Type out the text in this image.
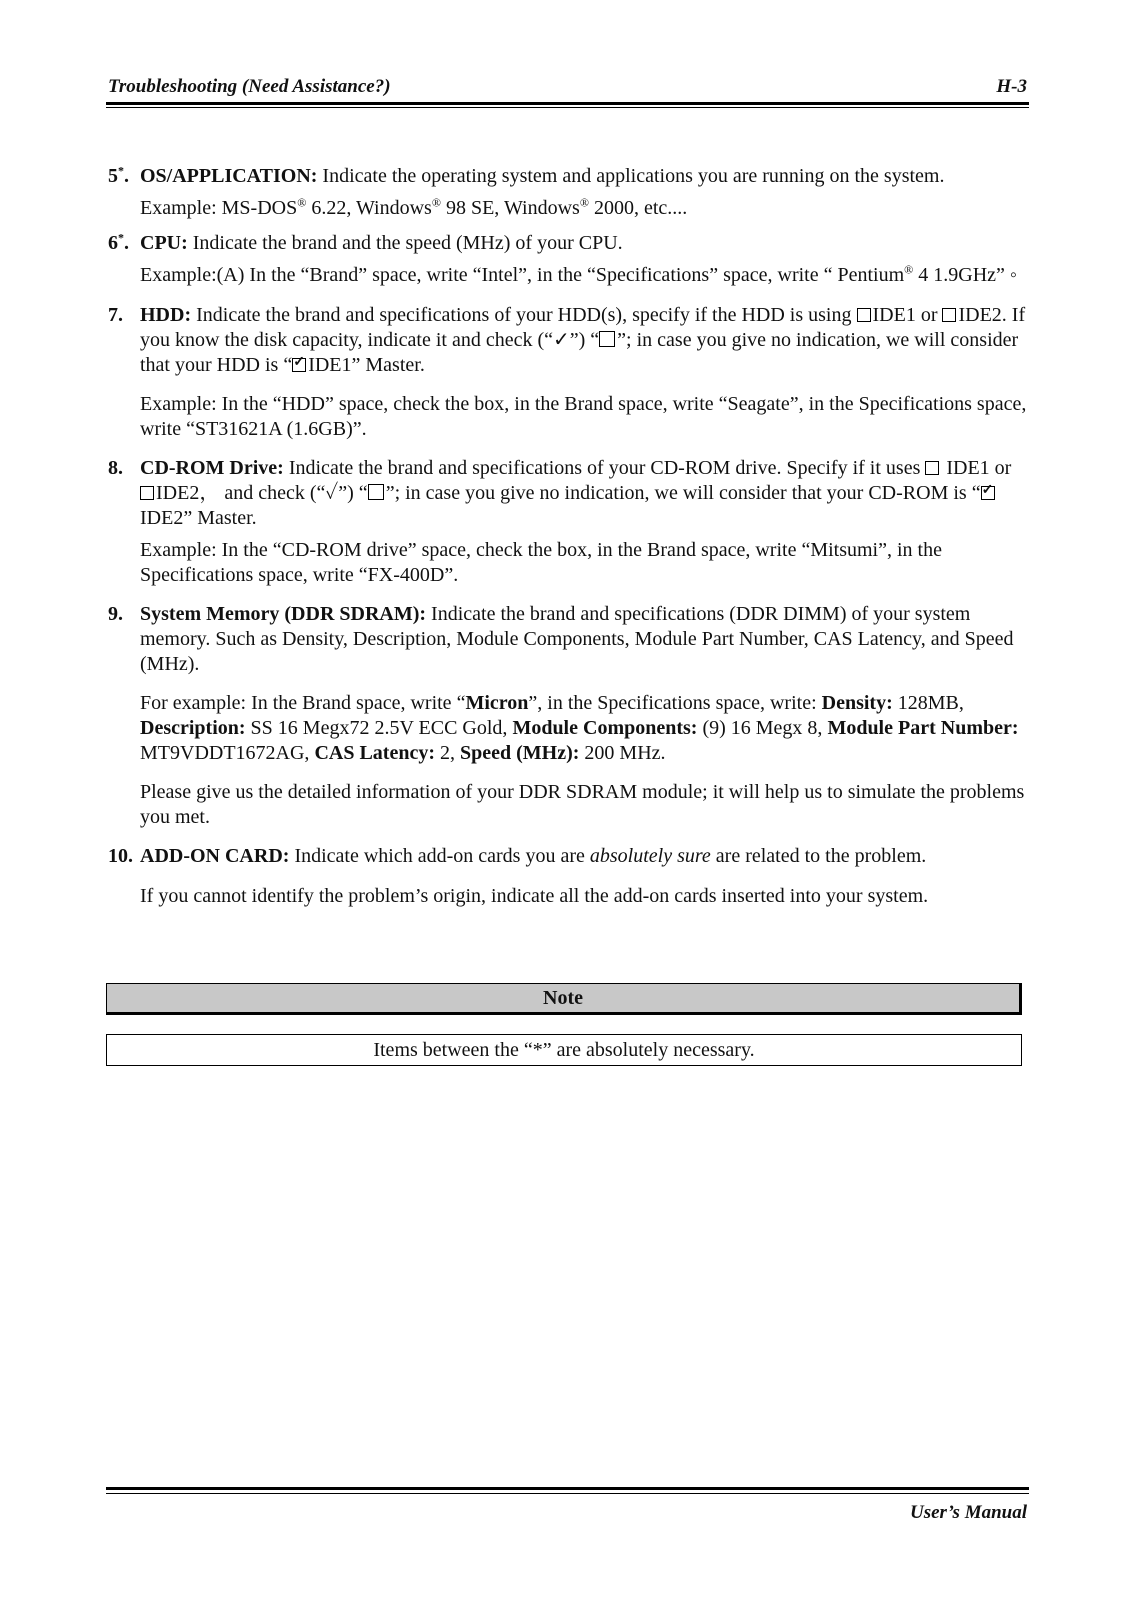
Troubleshooting (Need Assistance?)	H-3
5*. OS/APPLICATION: Indicate the operating system and applications you are running on the system.

Example: MS-DOS® 6.22, Windows® 98 SE, Windows® 2000, etc....

6*. CPU: Indicate the brand and the speed (MHz) of your CPU.

Example:(A) In the “Brand” space, write “Intel”, in the “Specifications” space, write “ Pentium® 4 1.9GHz” ◦

7. HDD: Indicate the brand and specifications of your HDD(s), specify if the HDD is using IDE1 or IDE2. If you know the disk capacity, indicate it and check (“✓”) “ ”; in case you give no indication, we will consider that your HDD is “✓ IDE1” Master.

Example: In the “HDD” space, check the box, in the Brand space, write “Seagate”, in the Specifications space, write “ST31621A (1.6GB)”.

8. CD-ROM Drive: Indicate the brand and specifications of your CD-ROM drive. Specify if it uses  IDE1 or IDE2， and check (“✓”) “ ”; in case you give no indication, we will consider that your CD-ROM is “✓IDE2” Master.

Example: In the “CD-ROM drive” space, check the box, in the Brand space, write “Mitsumi”, in the Specifications space, write “FX-400D”.

9. System Memory (DDR SDRAM): Indicate the brand and specifications (DDR DIMM) of your system memory. Such as Density, Description, Module Components, Module Part Number, CAS Latency, and Speed (MHz).

For example: In the Brand space, write “Micron”, in the Specifications space, write: Density: 128MB, Description: SS 16 Megx72 2.5V ECC Gold, Module Components: (9) 16 Megx 8, Module Part Number: MT9VDDT1672AG, CAS Latency: 2, Speed (MHz): 200 MHz.

Please give us the detailed information of your DDR SDRAM module; it will help us to simulate the problems you met.

10. ADD-ON CARD: Indicate which add-on cards you are absolutely sure are related to the problem.

If you cannot identify the problem’s origin, indicate all the add-on cards inserted into your system.

Note
Items between the “*” are absolutely necessary.
User’s Manual
